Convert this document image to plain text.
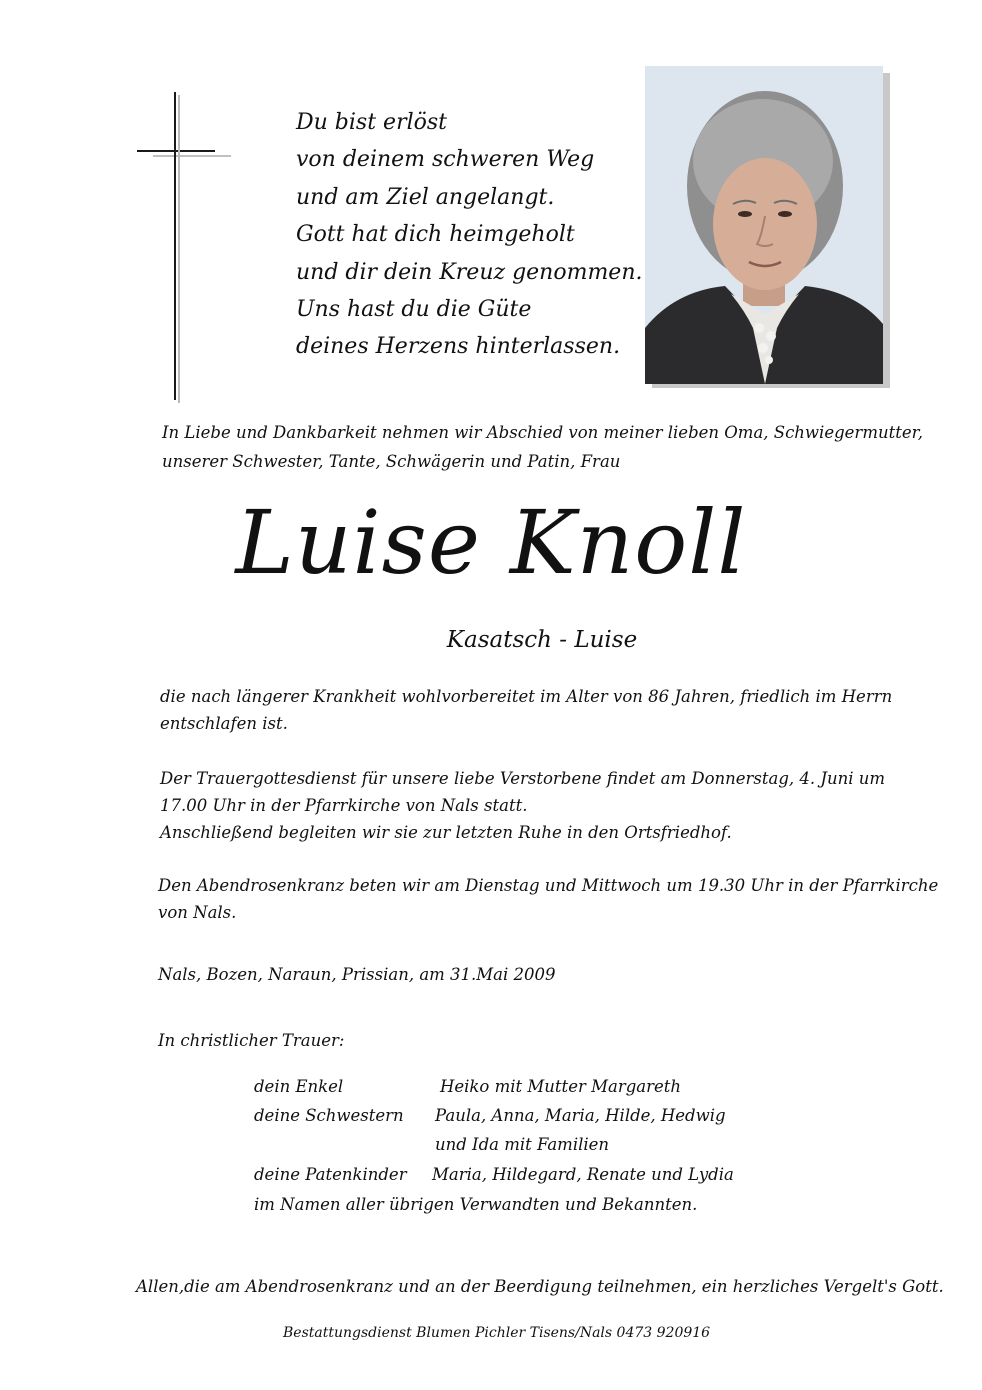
Du bist erlöst
von deinem schweren Weg
und am Ziel angelangt.
Gott hat dich heimgeholt
und dir dein Kreuz genommen.
Uns hast du die Güte
deines Herzens hinterlassen.
In Liebe und Dankbarkeit nehmen wir Abschied von meiner lieben Oma, Schwiegermutter,
unserer Schwester, Tante, Schwägerin und Patin, Frau
Luise Knoll
Kasatsch - Luise
die nach längerer Krankheit wohlvorbereitet im Alter von 86 Jahren, friedlich im Herrn
entschlafen ist.
Der Trauergottesdienst für unsere liebe Verstorbene findet am Donnerstag, 4. Juni um
17.00 Uhr in der Pfarrkirche von Nals statt.
Anschließend begleiten wir sie zur letzten Ruhe in den Ortsfriedhof.
Den Abendrosenkranz beten wir am Dienstag und Mittwoch um 19.30 Uhr in der Pfarrkirche
von Nals.
Nals, Bozen, Naraun, Prissian, am 31.Mai 2009
In christlicher Trauer:
dein Enkel	Heiko mit Mutter Margareth
deine Schwestern Paula, Anna, Maria, Hilde, Hedwig
und Ida mit Familien
deine Patenkinder Maria, Hildegard, Renate und Lydia
im Namen aller übrigen Verwandten und Bekannten.
Allen,die am Abendrosenkranz und an der Beerdigung teilnehmen, ein herzliches Vergelt's Gott.
Bestattungsdienst Blumen Pichler Tisens/Nals 0473 920916
